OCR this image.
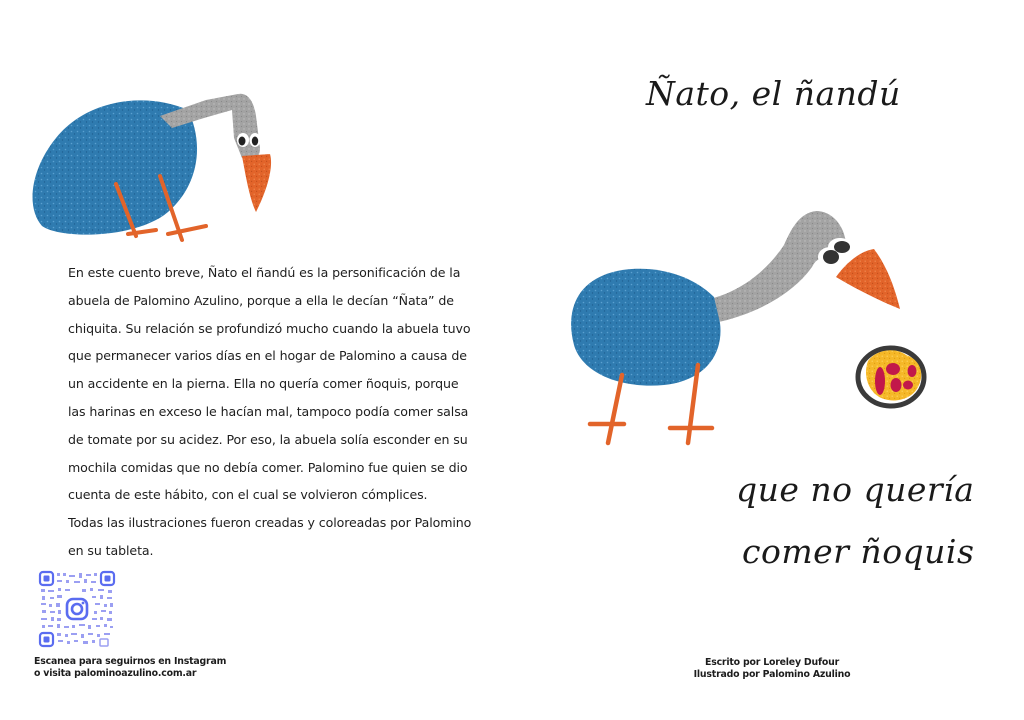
En este cuento breve, Ñato el ñandú es la personificación de la

abuela de Palomino Azulino, porque a ella le decían “Ñata” de

chiquita. Su relación se profundizó mucho cuando la abuela tuvo

que permanecer varios días en el hogar de Palomino a causa de

un accidente en la pierna. Ella no quería comer ñoquis, porque

las harinas en exceso le hacían mal, tampoco podía comer salsa

de tomate por su acidez. Por eso, la abuela solía esconder en su

mochila comidas que no debía comer. Palomino fue quien se dio

cuenta de este hábito, con el cual se volvieron cómplices.

Todas las ilustraciones fueron creadas y coloreadas por Palomino

en su tableta.

Escanea para seguirnos en Instagram
o visita palominoazulino.com.ar
Ñato, el ñandú
que no quería
comer ñoquis
Escrito por Loreley Dufour
Ilustrado por Palomino Azulino
